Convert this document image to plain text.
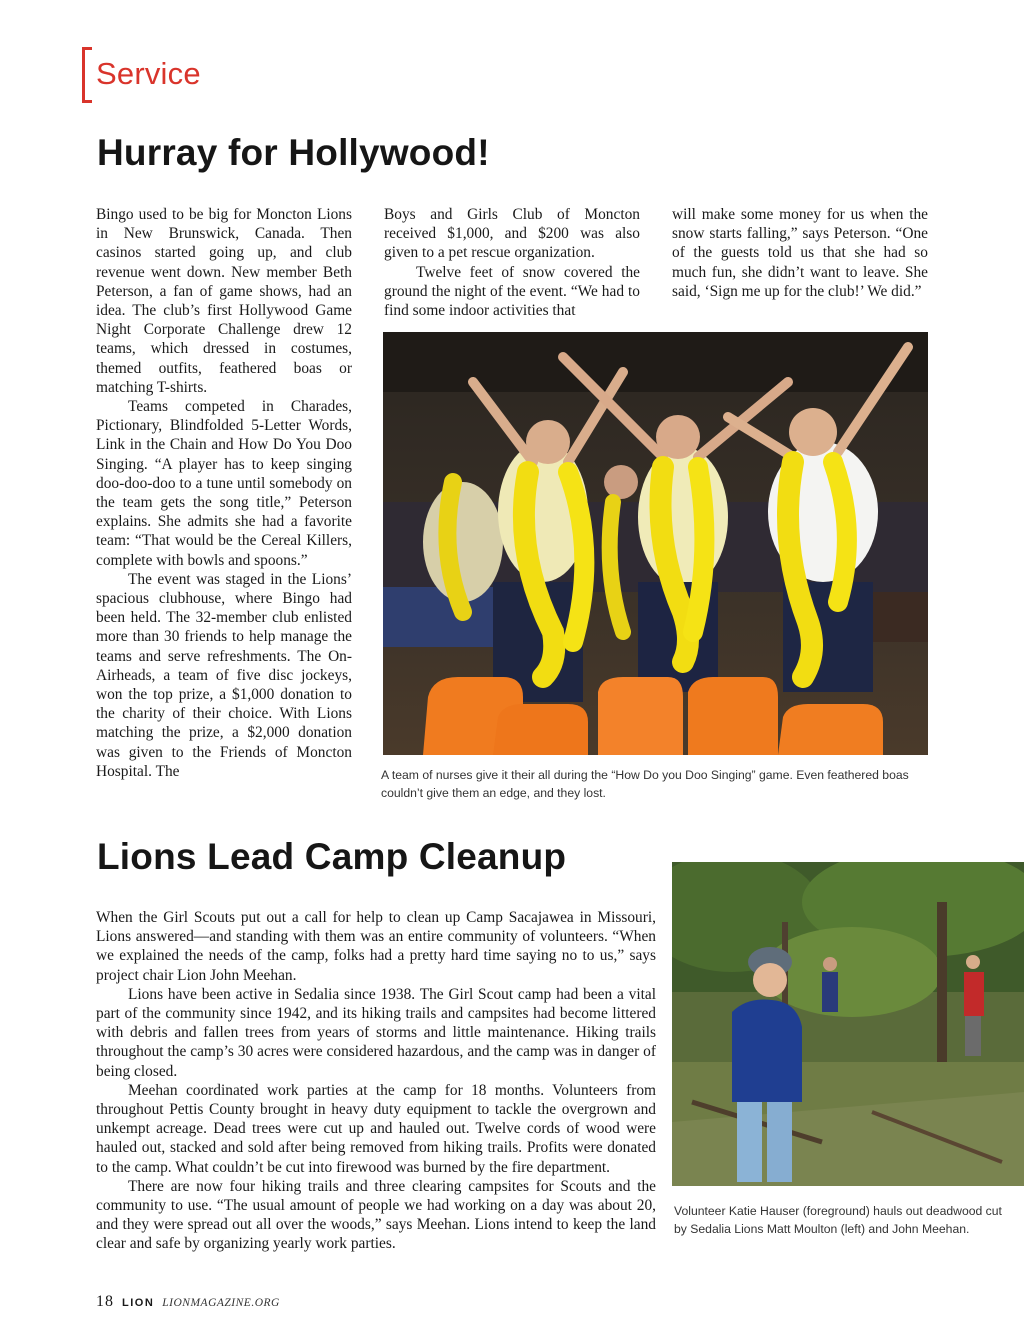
Service
Hurray for Hollywood!

Bingo used to be big for Moncton Lions in New Brunswick, Canada. Then casinos started going up, and club revenue went down. New member Beth Peterson, a fan of game shows, had an idea. The club’s first Hollywood Game Night Corporate Challenge drew 12 teams, which dressed in costumes, themed outfits, feathered boas or matching T-shirts.

Teams competed in Charades, Pictionary, Blindfolded 5-Letter Words, Link in the Chain and How Do You Doo Singing. “A player has to keep singing doo-doo-doo to a tune until somebody on the team gets the song title,” Peterson explains. She admits she had a favorite team: “That would be the Cereal Killers, complete with bowls and spoons.”

The event was staged in the Lions’ spacious clubhouse, where Bingo had been held. The 32-member club enlisted more than 30 friends to help manage the teams and serve refreshments. The On-Airheads, a team of five disc jockeys, won the top prize, a $1,000 donation to the charity of their choice. With Lions matching the prize, a $2,000 donation was given to the Friends of Moncton Hospital. The

Boys and Girls Club of Moncton received $1,000, and $200 was also given to a pet rescue organization.

Twelve feet of snow covered the ground the night of the event. “We had to find some indoor activities that

will make some money for us when the snow starts falling,” says Peterson. “One of the guests told us that she had so much fun, she didn’t want to leave. She said, ‘Sign me up for the club!’ We did.”

A team of nurses give it their all during the “How Do you Doo Singing” game. Even feathered boas couldn’t give them an edge, and they lost.
Lions Lead Camp Cleanup

When the Girl Scouts put out a call for help to clean up Camp Sacajawea in Missouri, Lions answered—and standing with them was an entire community of volunteers. “When we explained the needs of the camp, folks had a pretty hard time saying no to us,” says project chair Lion John Meehan.

Lions have been active in Sedalia since 1938. The Girl Scout camp had been a vital part of the community since 1942, and its hiking trails and campsites had become littered with debris and fallen trees from years of storms and little maintenance. Hiking trails throughout the camp’s 30 acres were considered hazardous, and the camp was in danger of being closed.

Meehan coordinated work parties at the camp for 18 months. Volunteers from throughout Pettis County brought in heavy duty equipment to tackle the overgrown and unkempt acreage. Dead trees were cut up and hauled out. Twelve cords of wood were hauled out, stacked and sold after being removed from hiking trails. Profits were donated to the camp. What couldn’t be cut into firewood was burned by the fire department.

There are now four hiking trails and three clearing campsites for Scouts and the community to use. “The usual amount of people we had working on a day was about 20, and they were spread out all over the woods,” says Meehan. Lions intend to keep the land clear and safe by organizing yearly work parties.

Volunteer Katie Hauser (foreground) hauls out deadwood cut by Sedalia Lions Matt Moulton (left) and John Meehan.
18 LION LIONMAGAZINE.ORG
